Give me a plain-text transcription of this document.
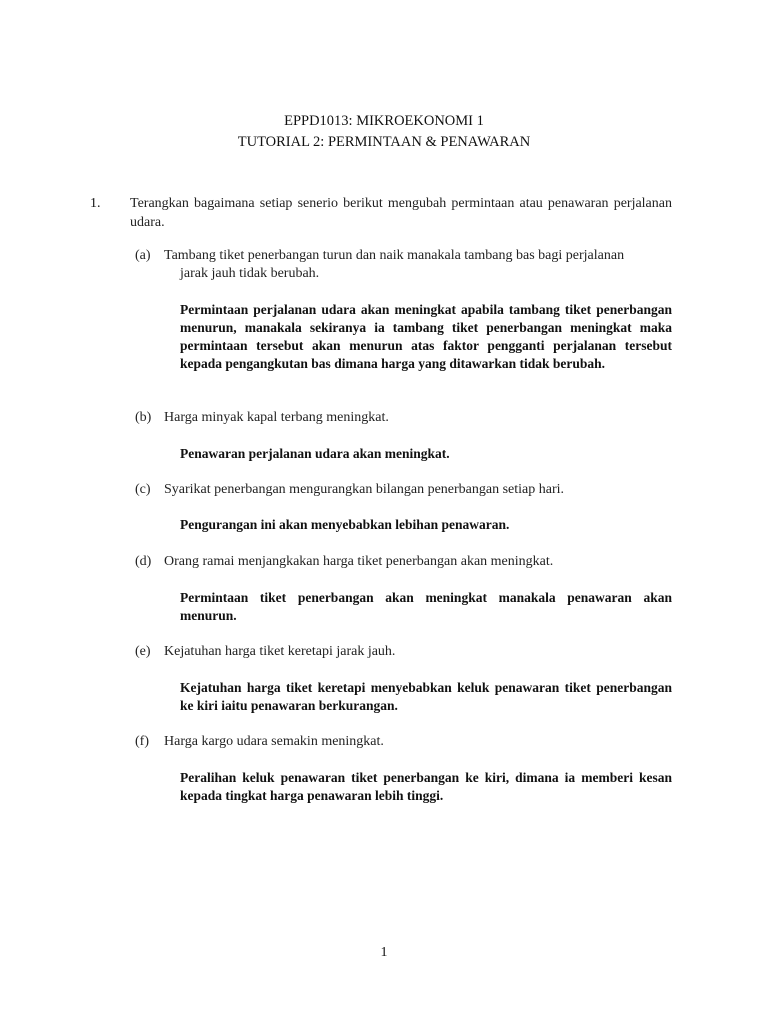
EPPD1013: MIKROEKONOMI 1
TUTORIAL 2: PERMINTAAN & PENAWARAN
1. Terangkan bagaimana setiap senerio berikut mengubah permintaan atau penawaran perjalanan udara.
(a) Tambang tiket penerbangan turun dan naik manakala tambang bas bagi perjalanan
jarak jauh tidak berubah.
Permintaan perjalanan udara akan meningkat apabila tambang tiket penerbangan menurun, manakala sekiranya ia tambang tiket penerbangan meningkat maka permintaan tersebut akan menurun atas faktor pengganti perjalanan tersebut kepada pengangkutan bas dimana harga yang ditawarkan tidak berubah.
(b) Harga minyak kapal terbang meningkat.
Penawaran perjalanan udara akan meningkat.
(c) Syarikat penerbangan mengurangkan bilangan penerbangan setiap hari.
Pengurangan ini akan menyebabkan lebihan penawaran.
(d) Orang ramai menjangkakan harga tiket penerbangan akan meningkat.
Permintaan tiket penerbangan akan meningkat manakala penawaran akan menurun.
(e) Kejatuhan harga tiket keretapi jarak jauh.
Kejatuhan harga tiket keretapi menyebabkan keluk penawaran tiket penerbangan ke kiri iaitu penawaran berkurangan.
(f) Harga kargo udara semakin meningkat.
Peralihan keluk penawaran tiket penerbangan ke kiri, dimana ia memberi kesan kepada tingkat harga penawaran lebih tinggi.
1
